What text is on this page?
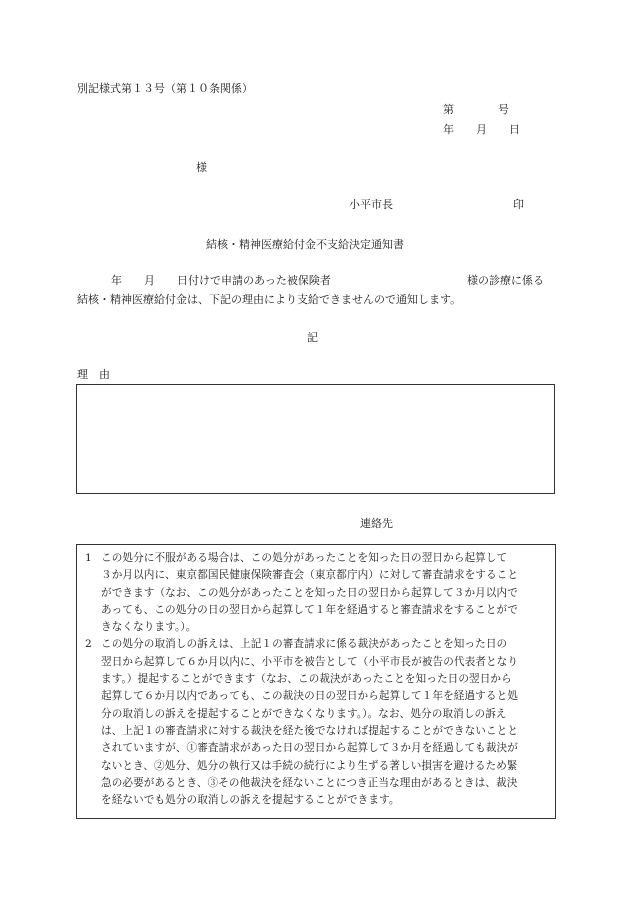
別記様式第１３号（第１０条関係）
第　　　　号
年　　月　　日
様
小平市長	印
結核・精神医療給付金不支給決定通知書
年　　月　　日付けで申請のあった被保険者	様の診療に係る
結核・精神医療給付金は、下記の理由により支給できませんので通知します。
記
理　由
連絡先
1 この処分に不服がある場合は、この処分があったことを知った日の翌日から起算して
３か月以内に、東京都国民健康保険審査会（東京都庁内）に対して審査請求をすること
ができます（なお、この処分があったことを知った日の翌日から起算して３か月以内で
あっても、この処分の日の翌日から起算して１年を経過すると審査請求をすることがで
きなくなります。）。
2 この処分の取消しの訴えは、上記１の審査請求に係る裁決があったことを知った日の
翌日から起算して６か月以内に、小平市を被告として（小平市長が被告の代表者となり
ます。）提起することができます（なお、この裁決があったことを知った日の翌日から
起算して６か月以内であっても、この裁決の日の翌日から起算して１年を経過すると処
分の取消しの訴えを提起することができなくなります。）。なお、処分の取消しの訴え
は、上記１の審査請求に対する裁決を経た後でなければ提起することができないことと
されていますが、①審査請求があった日の翌日から起算して３か月を経過しても裁決が
ないとき、②処分、処分の執行又は手続の続行により生ずる著しい損害を避けるため緊
急の必要があるとき、③その他裁決を経ないことにつき正当な理由があるときは、裁決
を経ないでも処分の取消しの訴えを提起することができます。
